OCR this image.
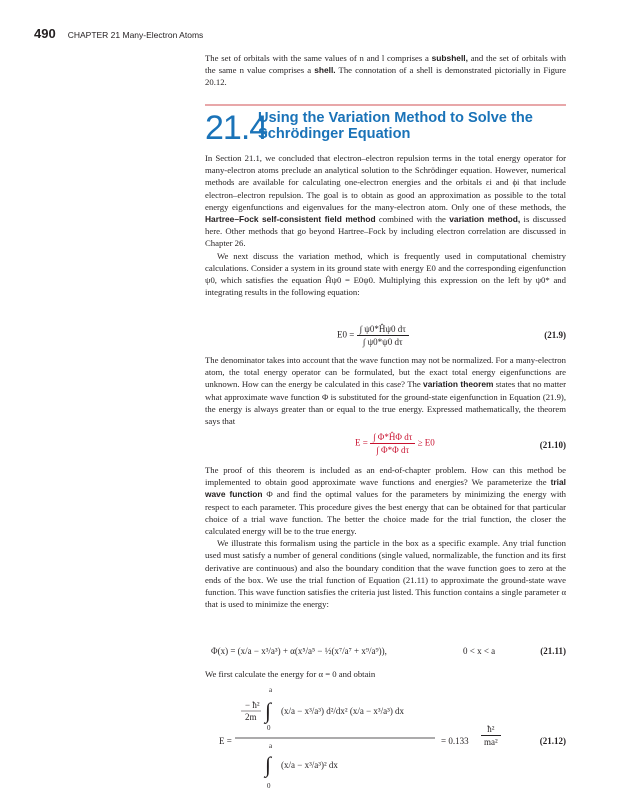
490 CHAPTER 21 Many-Electron Atoms

The set of orbitals with the same values of n and l comprises a subshell, and the set of orbitals with the same n value comprises a shell. The connotation of a shell is demonstrated pictorially in Figure 20.12.

21.4
Using the Variation Method to Solve the Schrödinger Equation

In Section 21.1, we concluded that electron–electron repulsion terms in the total energy operator for many-electron atoms preclude an analytical solution to the Schrödinger equation. However, numerical methods are available for calculating one-electron energies and the orbitals εi and ϕi that include electron–electron repulsion. The goal is to obtain as good an approximation as possible to the total energy eigenfunctions and eigenvalues for the many-electron atom. Only one of these methods, the Hartree–Fock self-consistent field method combined with the variation method, is discussed here. Other methods that go beyond Hartree–Fock by including electron correlation are discussed in Chapter 26.

We next discuss the variation method, which is frequently used in computational chemistry calculations. Consider a system in its ground state with energy E0 and the corresponding eigenfunction ψ0, which satisfies the equation Ĥψ0 = E0ψ0. Multiplying this expression on the left by ψ0* and integrating results in the following equation:

$E0 = \frac{\int \psi 0*Ĥ\psi 0 d\tau}{\int \psi 0*\psi 0 d\tau}$	(21.9)

The denominator takes into account that the wave function may not be normalized. For a many-electron atom, the total energy operator can be formulated, but the exact total energy eigenfunctions are unknown. How can the energy be calculated in this case? The variation theorem states that no matter what approximate wave function Φ is substituted for the ground-state eigenfunction in Equation (21.9), the energy is always greater than or equal to the true energy. Expressed mathematically, the theorem says that

$E = \frac{\text{∫ Φ*ĤΦ dτ}}{\text{∫ Φ*Φ dτ}} \ge E0$	(21.10)

The proof of this theorem is included as an end-of-chapter problem. How can this method be implemented to obtain good approximate wave functions and energies? We parameterize the trial wave function Φ and find the optimal values for the parameters by minimizing the energy with respect to each parameter. This procedure gives the best energy that can be obtained for that particular choice of a trial wave function. The better the choice made for the trial function, the closer the calculated energy will be to the true energy.

We illustrate this formalism using the particle in the box as a specific example. Any trial function used must satisfy a number of general conditions (single valued, normalizable, the function and its first derivative are continuous) and also the boundary condition that the wave function goes to zero at the ends of the box. We use the trial function of Equation (21.11) to approximate the ground-state wave function. This wave function satisfies the criteria just listed. This function contains a single parameter α that is used to minimize the energy:

Φ(x) = (x/a − x³/a³) + α(x⁵/a⁵ − ½(x⁷/a⁷ + x⁹/a⁹)),	0 < x < a	(21.11)

We first calculate the energy for α = 0 and obtain

E =
a
− ħ²
2m ∫ (x/a − x³/a³) d²/dx² (x/a − x³/a³) dx
0
a
∫ (x/a − x³/a³)² dx
0
= $0.133 \frac{\text{ħ²}}{\text{ma²}}$	(21.12)
